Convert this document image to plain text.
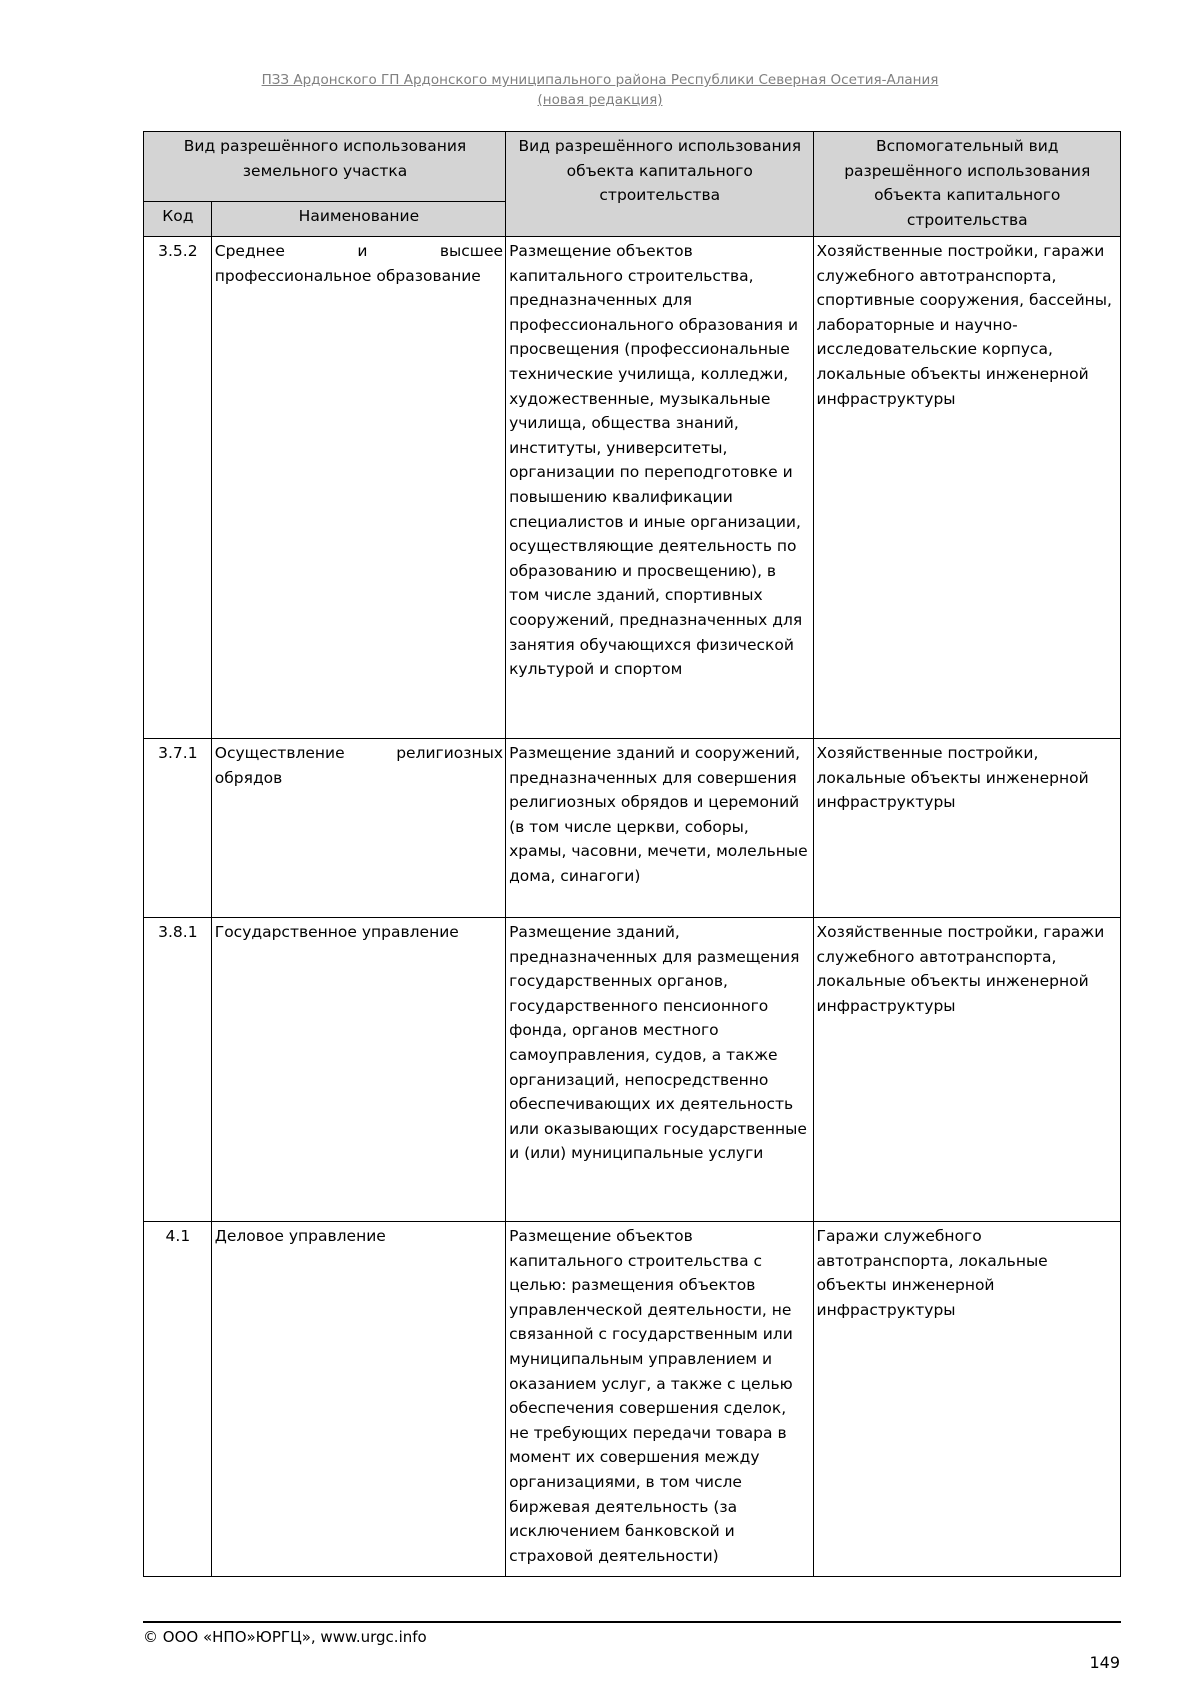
ПЗЗ Ардонского ГП Ардонского муниципального района Республики Северная Осетия-Алания
(новая редакция)
Вид разрешённого использования земельного участка		Вид разрешённого использования объекта капитального строительства	Вспомогательный вид разрешённого использования объекта капитального строительства
Код	Наименование		
3.5.2	Среднее и высшее профессиональное образование	Размещение объектов капитального строительства, предназначенных для профессионального образования и просвещения (профессиональные технические училища, колледжи, художественные, музыкальные училища, общества знаний, институты, университеты, организации по переподготовке и повышению квалификации специалистов и иные организации, осуществляющие деятельность по образованию и просвещению), в том числе зданий, спортивных сооружений, предназначенных для занятия обучающихся физической культурой и спортом	Хозяйственные постройки, гаражи служебного автотранспорта, спортивные сооружения, бассейны, лабораторные и научно-исследовательские корпуса, локальные объекты инженерной инфраструктуры
3.7.1	Осуществление религиозных обрядов	Размещение зданий и сооружений, предназначенных для совершения религиозных обрядов и церемоний (в том числе церкви, соборы, храмы, часовни, мечети, молельные дома, синагоги)	Хозяйственные постройки, локальные объекты инженерной инфраструктуры
3.8.1	Государственное управление	Размещение зданий, предназначенных для размещения государственных органов, государственного пенсионного фонда, органов местного самоуправления, судов, а также организаций, непосредственно обеспечивающих их деятельность или оказывающих государственные и (или) муниципальные услуги	Хозяйственные постройки, гаражи служебного автотранспорта, локальные объекты инженерной инфраструктуры
4.1	Деловое управление	Размещение объектов капитального строительства с целью: размещения объектов управленческой деятельности, не связанной с государственным или муниципальным управлением и оказанием услуг, а также с целью обеспечения совершения сделок, не требующих передачи товара в момент их совершения между организациями, в том числе биржевая деятельность (за исключением банковской и страховой деятельности)	Гаражи служебного автотранспорта, локальные объекты инженерной инфраструктуры
© ООО «НПО»ЮРГЦ», www.urgc.info
149
